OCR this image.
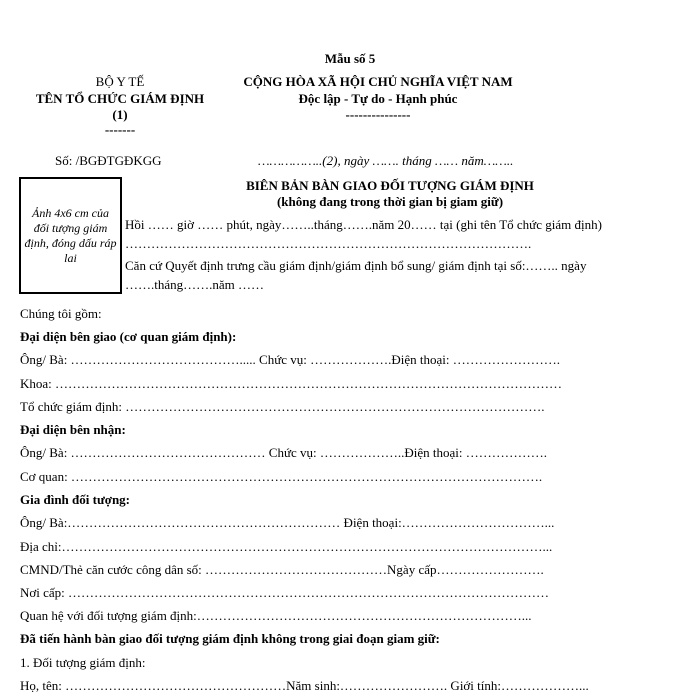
Mẫu số 5
BỘ Y TẾ
TÊN TỔ CHỨC GIÁM ĐỊNH
(1)
-------
CỘNG HÒA XÃ HỘI CHỦ NGHĨA VIỆT NAM
Độc lập - Tự do - Hạnh phúc
---------------
Số: /BGĐTGĐKGG	……………..(2), ngày ……. tháng …… năm……..
Ảnh 4x6 cm của đối tượng giám định, đóng dấu ráp lai
BIÊN BẢN BÀN GIAO ĐỐI TƯỢNG GIÁM ĐỊNH
(không đang trong thời gian bị giam giữ)
Hồi …… giờ …… phút, ngày……..tháng…….năm 20…… tại (ghi tên Tổ chức giám định) ………………………………………………………………………………….
Căn cứ Quyết định trưng cầu giám định/giám định bổ sung/ giám định tại số:…….. ngày …….tháng…….năm ……
Chúng tôi gồm:
Đại diện bên giao (cơ quan giám định):
Ông/ Bà: …………………………………..... Chức vụ: ……………….Điện thoại: …………………….
Khoa: ………………………………………………………………………………………………………
Tổ chức giám định: …………………………………………………………………………………….
Đại diện bên nhận:
Ông/ Bà: ……………………………………… Chức vụ: ………………..Điện thoại: ……………….
Cơ quan: ……………………………………………………………………………………………….
Gia đình đối tượng:
Ông/ Bà:……………………………………………………… Điện thoại:……………………………...
Địa chỉ:…………………………………………………………………………………………………...
CMND/Thẻ căn cước công dân số: ……………………………………Ngày cấp…………………….
Nơi cấp: …………………………………………………………………………………………………
Quan hệ với đối tượng giám định:…………………………………………………………………...
Đã tiến hành bàn giao đối tượng giám định không trong giai đoạn giam giữ:
1. Đối tượng giám định:
Họ, tên: ……………………………………………Năm sinh:……………………. Giới tính:………………...
